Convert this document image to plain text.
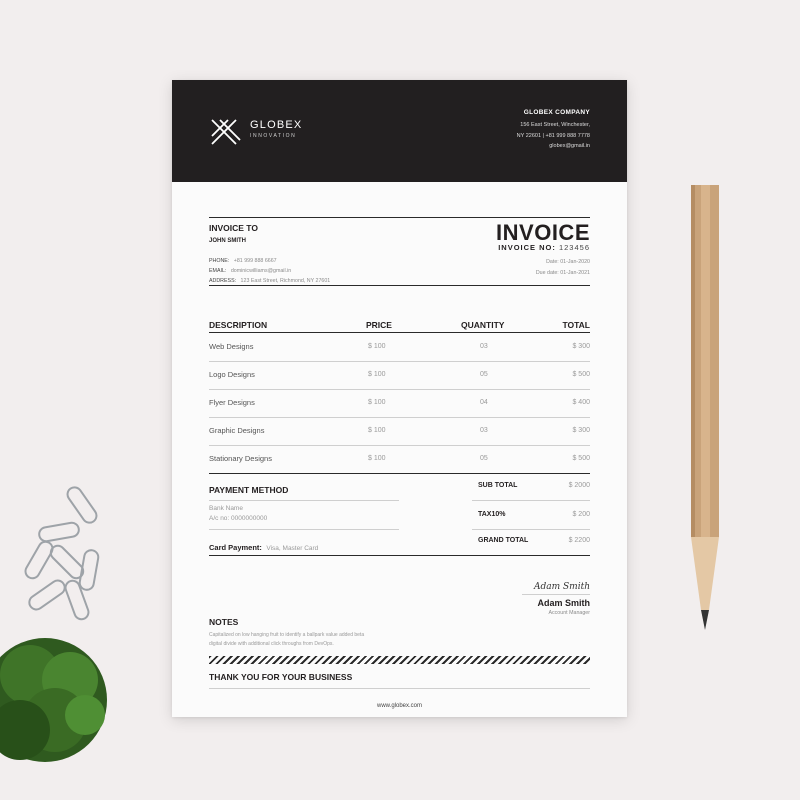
GLOBEX
INNOVATION
GLOBEX COMPANY
156 East Street, Winchester,
NY 22601 | +81 999 888 7778
globex@gmail.in
INVOICE TO
JOHN SMITH
PHONE: +81 999 888 6667
EMAIL: dominicwilliams@gmail.in
ADDRESS: 123 East Street, Richmond, NY 27601
INVOICE
INVOICE NO: 123456
Date: 01-Jan-2020
Due date: 01-Jan-2021
DESCRIPTION	PRICE	QUANTITY	TOTAL
Web Designs	$ 100	03	$ 300
Logo Designs	$ 100	05	$ 500
Flyer Designs	$ 100	04	$ 400
Graphic Designs	$ 100	03	$ 300
Stationary Designs	$ 100	05	$ 500
PAYMENT METHOD
Bank Name
A/c no: 0000000000
Card Payment: Visa, Master Card
SUB TOTAL	$ 2000
TAX10%	$ 200
GRAND TOTAL	$ 2200
Adam Smith
Adam Smith
Account Manager
NOTES
Capitalized on low hanging fruit to identify a ballpark value added beta
digital divide with additional click throughs from DevOps.
THANK YOU FOR YOUR BUSINESS
www.globex.com
